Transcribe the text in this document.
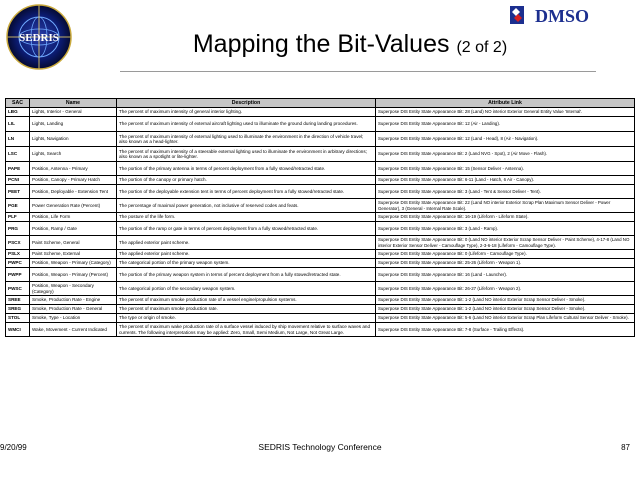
SEDRIS
DMSO
Mapping the Bit-Values (2 of 2)
SAC	Name	Description	Attribute Link
LBG	Lights, Interior - General	The percent of maximum intensity of general interior lighting.	Superpose DIS Entity State Appearance Bit: 28 (Land) NO interior Exterior General Entity Value 'Internal'.
LIL	Lights, Landing	The percent of maximum intensity of external aircraft lighting used to illuminate the ground during landing procedures.	Superpose DIS Entity State Appearance Bit: 12 (Air - Landing).
LN	Lights, Navigation	The percent of maximum intensity of external lighting used to illuminate the environment in the direction of vehicle travel; also known as a head-lighter.	Superpose DIS Entity State Appearance Bit: 12 (Land - Head), 8 (Air - Navigation).
LSC	Lights, Search	The percent of maximum intensity of a steerable external lighting used to illuminate the environment in arbitrary directions; also known as a spotlight or lite-lighter.	Superpose DIS Entity State Appearance Bit: 2 (Land NVG - Spot), 2 (Air Move - Flash).
PAPE	Position, Antenna - Primary	The portion of the primary antenna in terms of percent deployment from a fully stowed/retracted state.	Superpose DIS Entity State Appearance Bit: 15 (Sensor Deliver - Antenna).
PCNI	Position, Canopy - Primary Hatch	The portion of the canopy or primary hatch.	Superpose DIS Entity State Appearance Bit: 6-11 (Land - Hatch, 6 Air - Canopy).
PEET	Position, Deployable - Extension Tent	The portion of the deployable extension tent in terms of percent deployment from a fully stowed/retracted state.	Superpose DIS Entity State Appearance Bit: 3 (Land - Tent & Sensor Deliver - Tent).
PGE	Power Generation Rate (Percent)	The percentage of maximal power generation, not inclusive of reserved codes and feats.	Superpose DIS Entity State Appearance Bit: 22 (Land NO interior Exterior Scrap Plan Maximum Sensor Deliver - Power Generator), 3 (General - Internal Rate Scale).
PLF	Position, Life Form	The posture of the life form.	Superpose DIS Entity State Appearance Bit: 16-19 (Lifeform - Lifeform State).
PRG	Position, Ramp / Gate	The portion of the ramp or gate in terms of percent deployment from a fully stowed/retracted state.	Superpose DIS Entity State Appearance Bit: 3 (Land - Ramp).
PSCX	Paint Scheme, General	The applied exterior paint scheme.	Superpose DIS Entity State Appearance Bit: 0 (Land NO interior Exterior Scrap Sensor Deliver - Paint Scheme), 4-17-8 (Land NO interior Exterior Sensor Deliver - Camouflage Type), 2-3-6-18 (Lifeform - Camouflage Type).
PSLX	Paint Scheme, External	The applied exterior paint scheme.	Superpose DIS Entity State Appearance Bit: 0 (Lifeform - Camouflage Type).
PWPC	Position, Weapon - Primary (Category)	The categorical portion of the primary weapon system.	Superpose DIS Entity State Appearance Bit: 25-26 (Lifeform - Weapon 1).
PWPP	Position, Weapon - Primary (Percent)	The portion of the primary weapon system in terms of percent deployment from a fully stowed/retracted state.	Superpose DIS Entity State Appearance Bit: 16 (Land - Launcher).
PWSC	Position, Weapon - Secondary (Category)	The categorical portion of the secondary weapon system.	Superpose DIS Entity State Appearance Bit: 26-27 (Lifeform - Weapon 2).
SREE	Smoke, Production Rate - Engine	The percent of maximum smoke production rate of a vessel engine/propulsion systems.	Superpose DIS Entity State Appearance Bit: 1-2 (Land NO interior Exterior Scrap Sensor Deliver - Smoke).
SREG	Smoke, Production Rate - General	The percent of maximum smoke production rate.	Superpose DIS Entity State Appearance Bit: 1-2 (Land NO interior Exterior Scrap Sensor Deliver - Smoke).
STOL	Smoke, Type - Location	The type or origin of smoke.	Superpose DIS Entity State Appearance Bit: 5-6 (Land NO interior Exterior Scrap Plan Lifeform Cultural Sensor Deliver - Smoke).
WMCI	Wake, Movement - Current Indicated	The percent of maximum wake production rate of a surface vessel induced by ship movement relative to surface waves and currents. The following interpretations may be applied: Zero, Small, Semi Medium, Not Large, Not Great Large.	Superpose DIS Entity State Appearance Bit: 7-8 (Surface - Trailing Effects).
9/20/99	SEDRIS Technology Conference	87
